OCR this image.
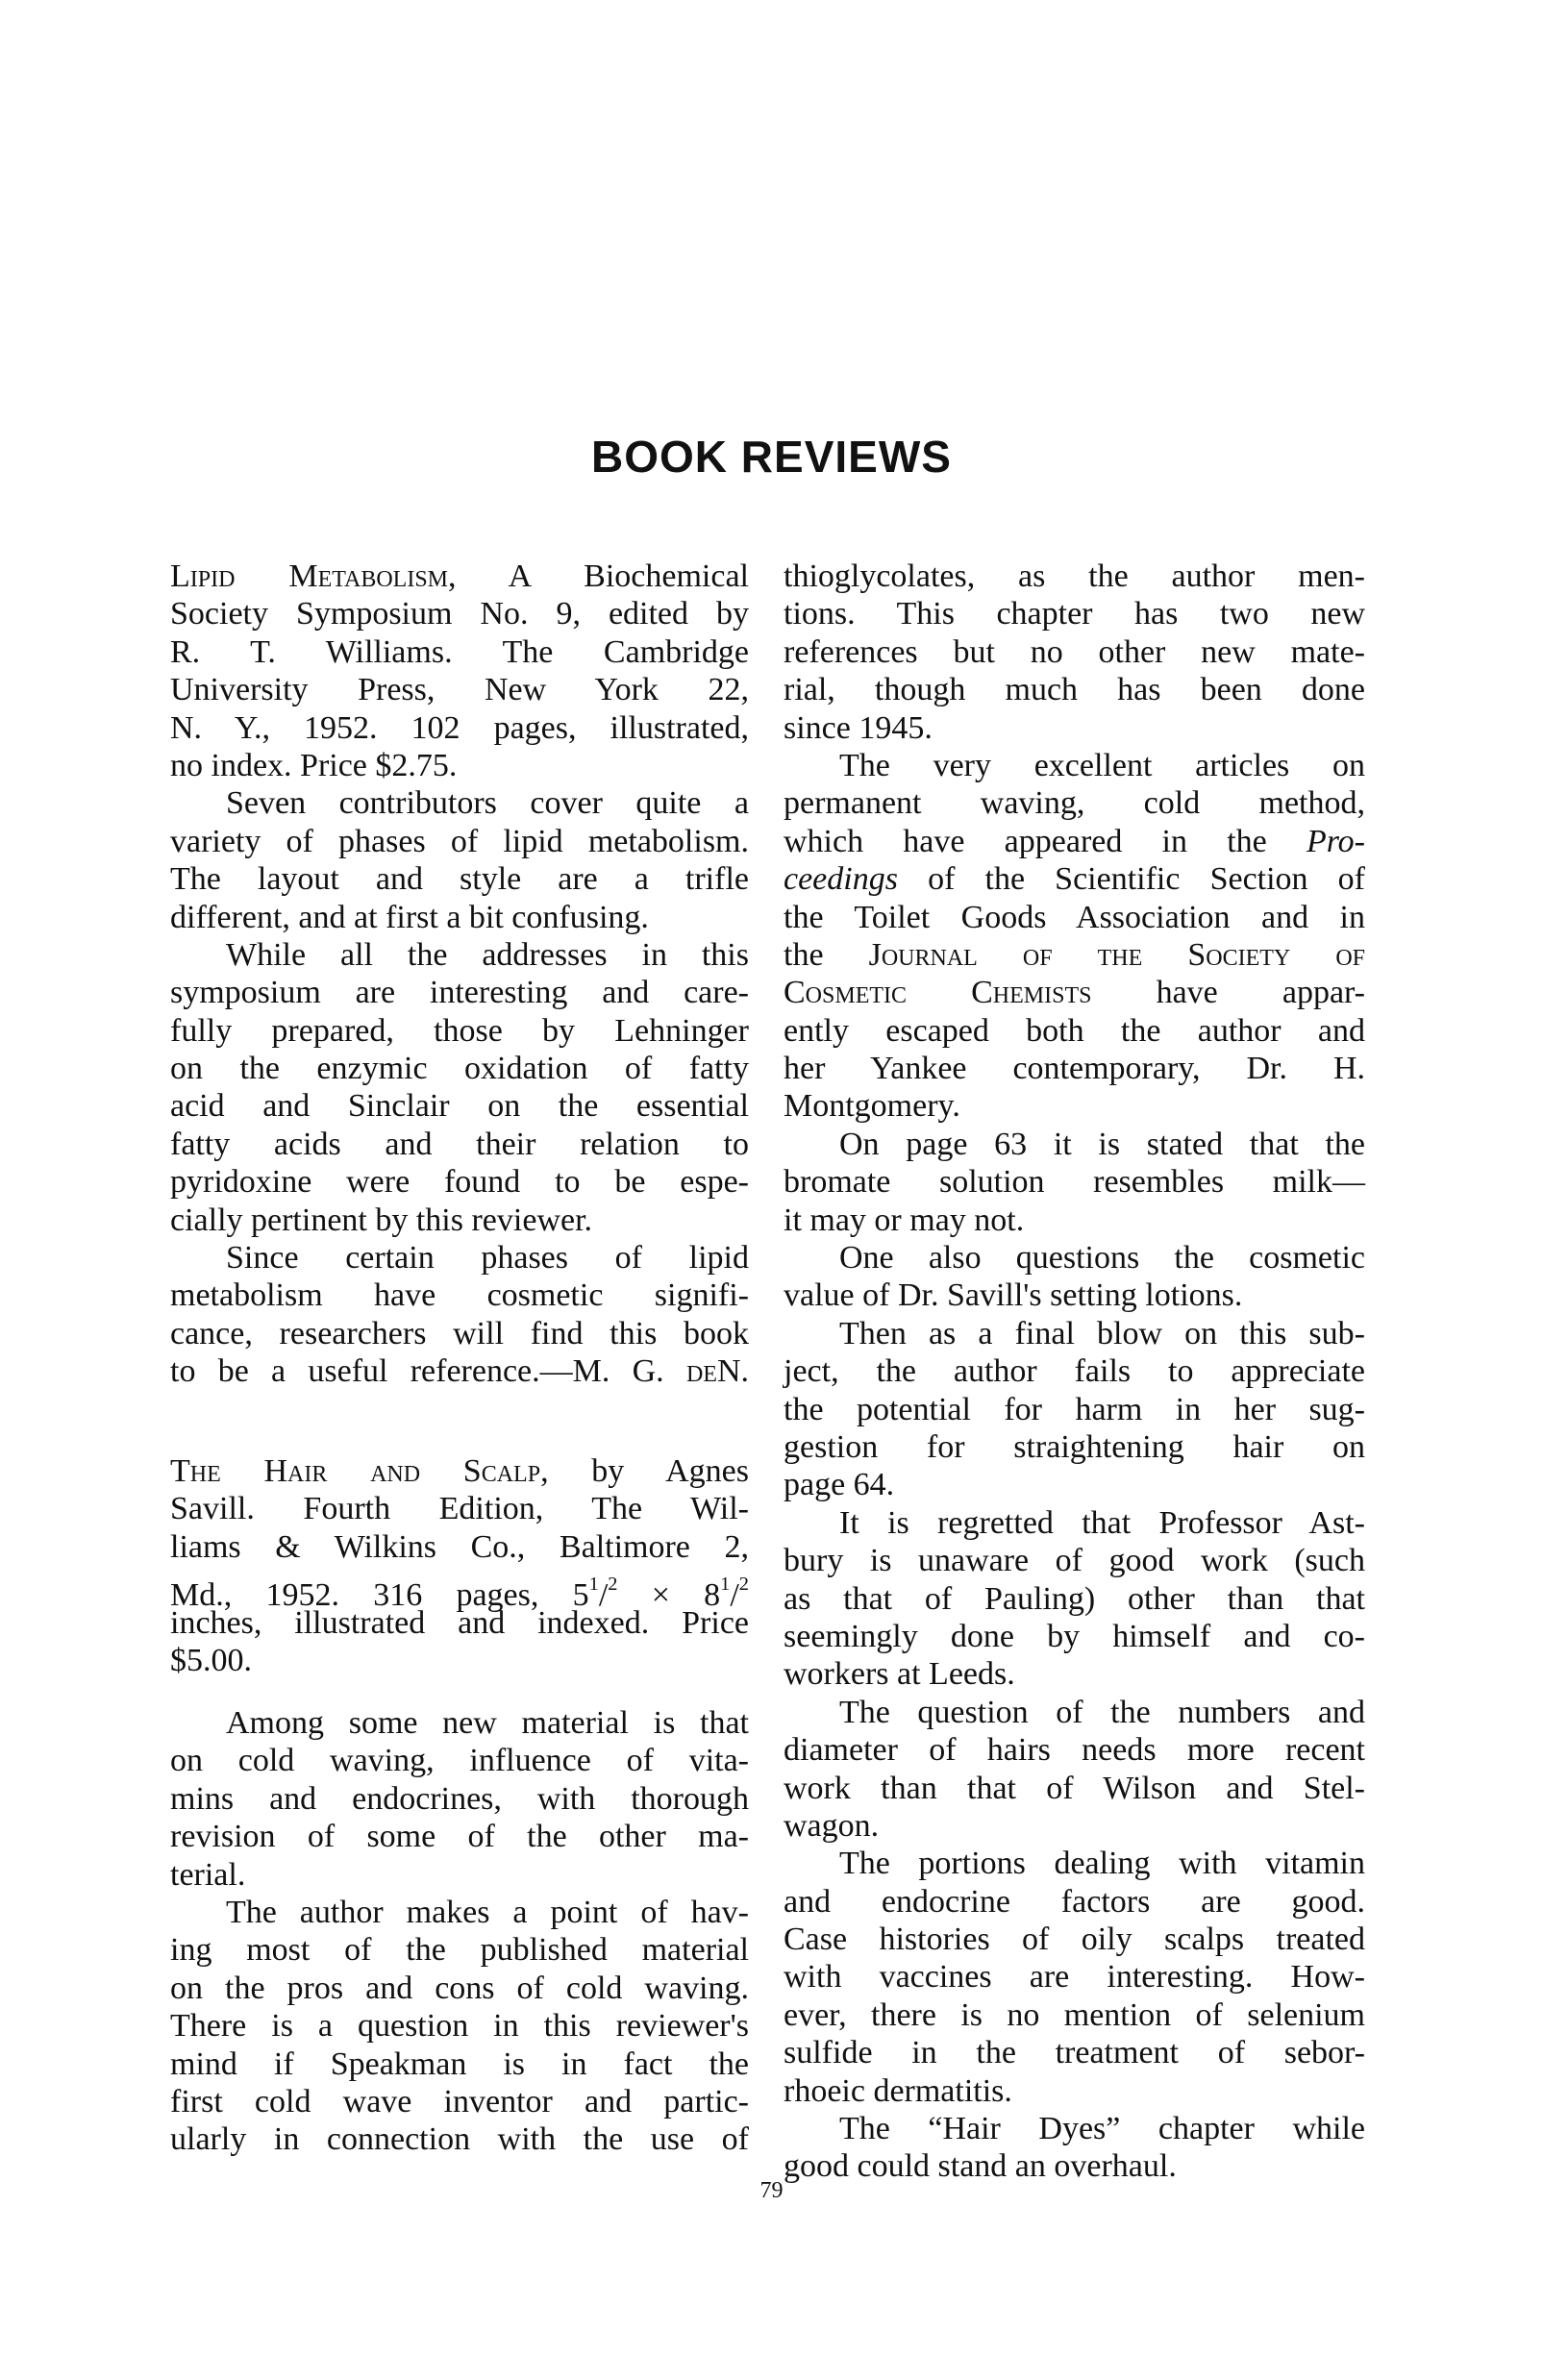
BOOK REVIEWS
Lipid Metabolism, A Biochemical
Society Symposium No. 9, edited by
R. T. Williams. The Cambridge
University Press, New York 22,
N. Y., 1952. 102 pages, illustrated,
no index. Price $2.75.
Seven contributors cover quite a
variety of phases of lipid metabolism.
The layout and style are a trifle
different, and at first a bit confusing.
While all the addresses in this
symposium are interesting and care-
fully prepared, those by Lehninger
on the enzymic oxidation of fatty
acid and Sinclair on the essential
fatty acids and their relation to
pyridoxine were found to be espe-
cially pertinent by this reviewer.
Since certain phases of lipid
metabolism have cosmetic signifi-
cance, researchers will find this book
to be a useful reference.—M. G. deN.
The Hair and Scalp, by Agnes
Savill. Fourth Edition, The Wil-
liams & Wilkins Co., Baltimore 2,
Md., 1952. 316 pages, $5^1/^2 \times 8^1/^2$
inches, illustrated and indexed. Price
$5.00.
Among some new material is that
on cold waving, influence of vita-
mins and endocrines, with thorough
revision of some of the other ma-
terial.
The author makes a point of hav-
ing most of the published material
on the pros and cons of cold waving.
There is a question in this reviewer's
mind if Speakman is in fact the
first cold wave inventor and partic-
ularly in connection with the use of
thioglycolates, as the author men-
tions. This chapter has two new
references but no other new mate-
rial, though much has been done
since 1945.
The very excellent articles on
permanent waving, cold method,
which have appeared in the Pro-
ceedings of the Scientific Section of
the Toilet Goods Association and in
the Journal of the Society of
Cosmetic Chemists have appar-
ently escaped both the author and
her Yankee contemporary, Dr. H.
Montgomery.
On page 63 it is stated that the
bromate solution resembles milk—
it may or may not.
One also questions the cosmetic
value of Dr. Savill's setting lotions.
Then as a final blow on this sub-
ject, the author fails to appreciate
the potential for harm in her sug-
gestion for straightening hair on
page 64.
It is regretted that Professor Ast-
bury is unaware of good work (such
as that of Pauling) other than that
seemingly done by himself and co-
workers at Leeds.
The question of the numbers and
diameter of hairs needs more recent
work than that of Wilson and Stel-
wagon.
The portions dealing with vitamin
and endocrine factors are good.
Case histories of oily scalps treated
with vaccines are interesting. How-
ever, there is no mention of selenium
sulfide in the treatment of sebor-
rhoeic dermatitis.
The “Hair Dyes” chapter while
good could stand an overhaul.
79
